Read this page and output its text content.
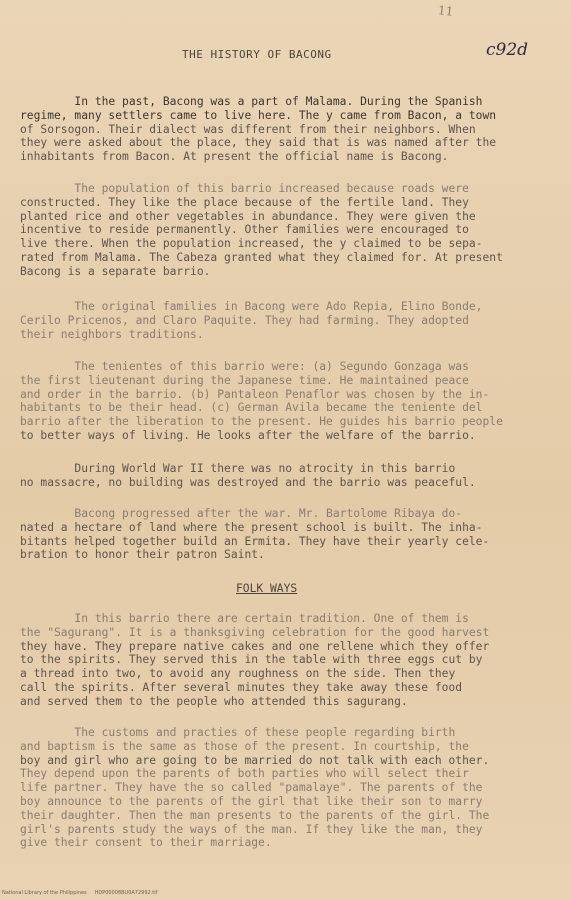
11
THE HISTORY OF BACONG	c92d
In the past, Bacong was a part of Malama. During the Spanish
regime, many settlers came to live here. The y came from Bacon, a town
of Sorsogon. Their dialect was different from their neighbors. When
they were asked about the place, they said that is was named after the
inhabitants from Bacon. At present the official name is Bacong.
The population of this barrio increased because roads were
constructed. They like the place because of the fertile land. They
planted rice and other vegetables in abundance. They were given the
incentive to reside permanently. Other families were encouraged to
live there. When the population increased, the y claimed to be sepa-
rated from Malama. The Cabeza granted what they claimed for. At present
Bacong is a separate barrio.
The original families in Bacong were Ado Repia, Elino Bonde,
Cerilo Pricenos, and Claro Paquite. They had farming. They adopted
their neighbors traditions.
The tenientes of this barrio were: (a) Segundo Gonzaga was
the first lieutenant during the Japanese time. He maintained peace
and order in the barrio. (b) Pantaleon Penaflor was chosen by the in-
habitants to be their head. (c) German Avila became the teniente del
barrio after the liberation to the present. He guides his barrio people
to better ways of living. He looks after the welfare of the barrio.
During World War II there was no atrocity in this barrio
no massacre, no building was destroyed and the barrio was peaceful.
Bacong progressed after the war. Mr. Bartolome Ribaya do-
nated a hectare of land where the present school is built. The inha-
bitants helped together build an Ermita. They have their yearly cele-
bration to honor their patron Saint.
FOLK WAYS
In this barrio there are certain tradition. One of them is
the "Sagurang". It is a thanksgiving celebration for the good harvest
they have. They prepare native cakes and one rellene which they offer
to the spirits. They served this in the table with three eggs cut by
a thread into two, to avoid any roughness on the side. Then they
call the spirits. After several minutes they take away these food
and served them to the people who attended this sagurang.
The customs and practies of these people regarding birth
and baptism is the same as those of the present. In courtship, the
boy and girl who are going to be married do not talk with each other.
They depend upon the parents of both parties who will select their
life partner. They have the so called "pamalaye". The parents of the
boy announce to the parents of the girl that like their son to marry
their daughter. Then the man presents to the parents of the girl. The
girl's parents study the ways of the man. If they like the man, they
give their consent to their marriage.
National Library of the Philippines     HDP00008BU0A72992.tif
